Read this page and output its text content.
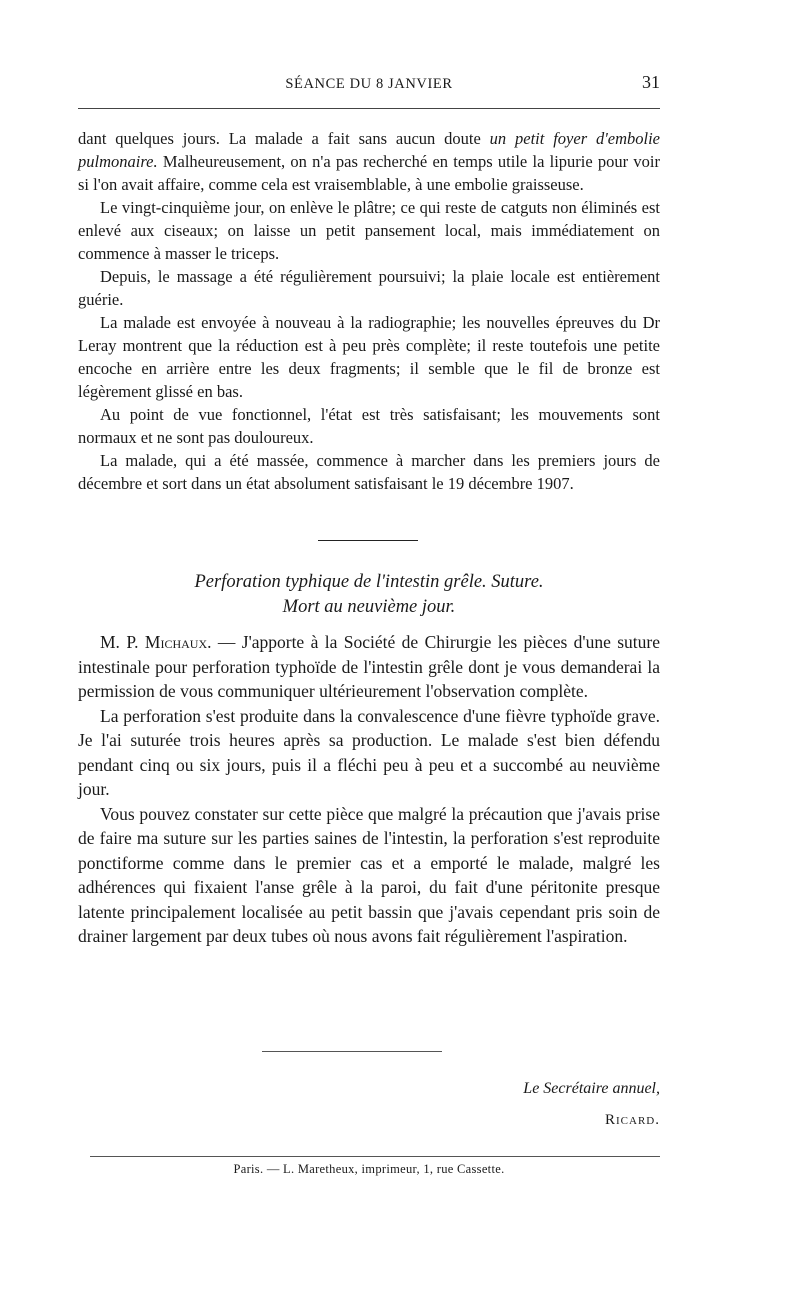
SÉANCE DU 8 JANVIER	31

dant quelques jours. La malade a fait sans aucun doute un petit foyer d'embolie pulmonaire. Malheureusement, on n'a pas recherché en temps utile la lipurie pour voir si l'on avait affaire, comme cela est vraisemblable, à une embolie graisseuse.

Le vingt-cinquième jour, on enlève le plâtre; ce qui reste de catguts non éliminés est enlevé aux ciseaux; on laisse un petit pansement local, mais immédiatement on commence à masser le triceps.

Depuis, le massage a été régulièrement poursuivi; la plaie locale est entièrement guérie.

La malade est envoyée à nouveau à la radiographie; les nouvelles épreuves du Dr Leray montrent que la réduction est à peu près complète; il reste toutefois une petite encoche en arrière entre les deux fragments; il semble que le fil de bronze est légèrement glissé en bas.

Au point de vue fonctionnel, l'état est très satisfaisant; les mouvements sont normaux et ne sont pas douloureux.

La malade, qui a été massée, commence à marcher dans les premiers jours de décembre et sort dans un état absolument satisfaisant le 19 décembre 1907.

Perforation typhique de l'intestin grêle. Suture.
Mort au neuvième jour.

M. P. Michaux. — J'apporte à la Société de Chirurgie les pièces d'une suture intestinale pour perforation typhoïde de l'intestin grêle dont je vous demanderai la permission de vous communiquer ultérieurement l'observation complète.

La perforation s'est produite dans la convalescence d'une fièvre typhoïde grave. Je l'ai suturée trois heures après sa production. Le malade s'est bien défendu pendant cinq ou six jours, puis il a fléchi peu à peu et a succombé au neuvième jour.

Vous pouvez constater sur cette pièce que malgré la précaution que j'avais prise de faire ma suture sur les parties saines de l'intestin, la perforation s'est reproduite ponctiforme comme dans le premier cas et a emporté le malade, malgré les adhérences qui fixaient l'anse grêle à la paroi, du fait d'une péritonite presque latente principalement localisée au petit bassin que j'avais cependant pris soin de drainer largement par deux tubes où nous avons fait régulièrement l'aspiration.

Le Secrétaire annuel,
Ricard.
Paris. — L. Maretheux, imprimeur, 1, rue Cassette.
